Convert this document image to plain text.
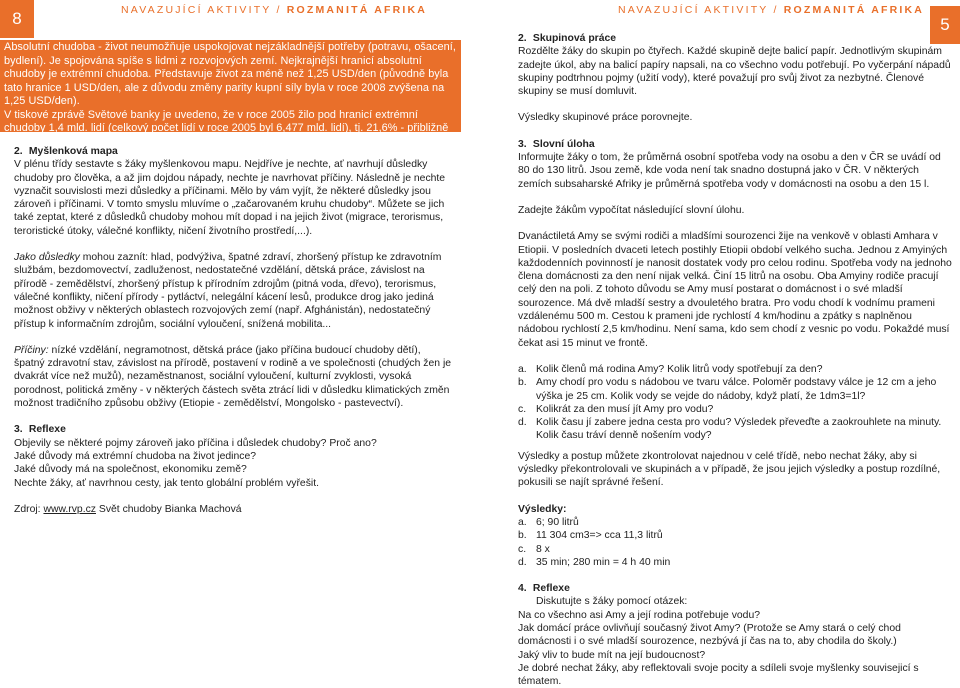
8	NAVAZUJÍCÍ AKTIVITY / ROZMANITÁ AFRIKA

Absolutní chudoba - život neumožňuje uspokojovat nejzákladnější potřeby (potravu, ošacení, bydlení). Je spojována spíše s lidmi z rozvojových zemí. Nejkrajnější hranicí absolutní chudoby je extrémní chudoba. Představuje život za méně než 1,25 USD/den (původně byla tato hranice 1 USD/den, ale z důvodu změny parity kupní síly byla v roce 2008 zvýšena na 1,25 USD/den).

V tiskové zprávě Světové banky je uvedeno, že v roce 2005 žilo pod hranicí extrémní chudoby 1,4 mld. lidí (celkový počet lidí v roce 2005 byl 6,477 mld. lidí), tj. 21,6% - přibližně každý pátý člověk na světě byl extrémně chudý.

2. Myšlenková mapa

V plénu třídy sestavte s žáky myšlenkovou mapu. Nejdříve je nechte, ať navrhují důsledky chudoby pro člověka, a až jim dojdou nápady, nechte je navrhovat příčiny. Následně je nechte vyznačit souvislosti mezi důsledky a příčinami. Mělo by vám vyjít, že některé důsledky jsou zároveň i příčinami. V tomto smyslu mluvíme o „začarovaném kruhu chudoby“. Můžete se jich také zeptat, které z důsledků chudoby mohou mít dopad i na jejich život (migrace, terorismus, teroristické útoky, válečné konflikty, ničení životního prostředí,...).

Jako důsledky mohou zaznít: hlad, podvýživa, špatné zdraví, zhoršený přístup ke zdravotním službám, bezdomovectví, zadluženost, nedostatečné vzdělání, dětská práce, závislost na přírodě - zemědělství, zhoršený přístup k přírodním zdrojům (pitná voda, dřevo), terorismus, válečné konflikty, ničení přírody - pytláctví, nelegální kácení lesů, produkce drog jako jediná možnost obživy v některých oblastech rozvojových zemí (např. Afghánistán), nedostatečný přístup k informačním zdrojům, sociální vyloučení, snížená mobilita...

Příčiny: nízké vzdělání, negramotnost, dětská práce (jako příčina budoucí chudoby dětí), špatný zdravotní stav, závislost na přírodě, postavení v rodině a ve společnosti (chudých žen je dvakrát více než mužů), nezaměstnanost, sociální vyloučení, kulturní zvyklosti, vysoká porodnost, politická změny - v některých částech světa ztrácí lidi v důsledku klimatických změn možnost tradičního způsobu obživy (Etiopie - zemědělství, Mongolsko - pastevectví).

3. Reflexe

Objevily se některé pojmy zároveň jako příčina i důsledek chudoby? Proč ano?

Jaké důvody má extrémní chudoba na život jedince?

Jaké důvody má na společnost, ekonomiku země?

Nechte žáky, ať navrhnou cesty, jak tento globální problém vyřešit.

Zdroj: www.rvp.cz Svět chudoby Bianka Machová

5
NAVAZUJÍCÍ AKTIVITY / ROZMANITÁ AFRIKA

2. Skupinová práce

Rozdělte žáky do skupin po čtyřech. Každé skupině dejte balicí papír. Jednotlivým skupinám zadejte úkol, aby na balicí papíry napsali, na co všechno vodu potřebují. Po vyčerpání nápadů skupiny podtrhnou pojmy (užití vody), které považují pro svůj život za nezbytné. Členové skupiny se musí domluvit.

Výsledky skupinové práce porovnejte.

3. Slovní úloha

Informujte žáky o tom, že průměrná osobní spotřeba vody na osobu a den v ČR se uvádí od 80 do 130 litrů. Jsou země, kde voda není tak snadno dostupná jako v ČR. V některých zemích subsaharské Afriky je průměrná spotřeba vody v domácnosti na osobu a den 15 l.

Zadejte žákům vypočítat následující slovní úlohu.

Dvanáctiletá Amy se svými rodiči a mladšími sourozenci žije na venkově v oblasti Amhara v Etiopii. V posledních dvaceti letech postihly Etiopii období velkého sucha. Jednou z Amyiných každodenních povinností je nanosit dostatek vody pro celou rodinu. Spotřeba vody na jednoho člena domácnosti za den není nijak velká. Činí 15 litrů na osobu. Oba Amyiny rodiče pracují celý den na poli. Z tohoto důvodu se Amy musí postarat o domácnost i o své mladší sourozence. Má dvě mladší sestry a dvouletého bratra. Pro vodu chodí k vodnímu prameni vzdálenému 500 m. Cestou k prameni jde rychlostí 4 km/hodinu a zpátky s naplněnou nádobou rychlostí 2,5 km/hodinu. Není sama, kdo sem chodí z vesnic po vodu. Pokaždé musí čekat asi 15 minut ve frontě.

a. Kolik členů má rodina Amy? Kolik litrů vody spotřebují za den?
b. Amy chodí pro vodu s nádobou ve tvaru válce. Poloměr podstavy válce je 12 cm a jeho výška je 25 cm. Kolik vody se vejde do nádoby, když platí, že 1dm3=1l?
c. Kolikrát za den musí jít Amy pro vodu?
d. Kolik času jí zabere jedna cesta pro vodu? Výsledek převeďte a zaokrouhlete na minuty. Kolik času tráví denně nošením vody?

Výsledky a postup můžete zkontrolovat najednou v celé třídě, nebo nechat žáky, aby si výsledky překontrolovali ve skupinách a v případě, že jsou jejich výsledky a postup rozdílné, pokusili se najít správné řešení.

Výsledky:

a. 6; 90 litrů
b. 11 304 cm3=> cca 11,3 litrů
c. 8 x
d. 35 min; 280 min = 4 h 40 min

4. Reflexe

Diskutujte s žáky pomocí otázek:

Na co všechno asi Amy a její rodina potřebuje vodu?

Jak domácí práce ovlivňují současný život Amy? (Protože se Amy stará o celý chod domácnosti i o své mladší sourozence, nezbývá jí čas na to, aby chodila do školy.)

Jaký vliv to bude mít na její budoucnost?

Je dobré nechat žáky, aby reflektovali svoje pocity a sdíleli svoje myšlenky souvisejicí s tématem.
